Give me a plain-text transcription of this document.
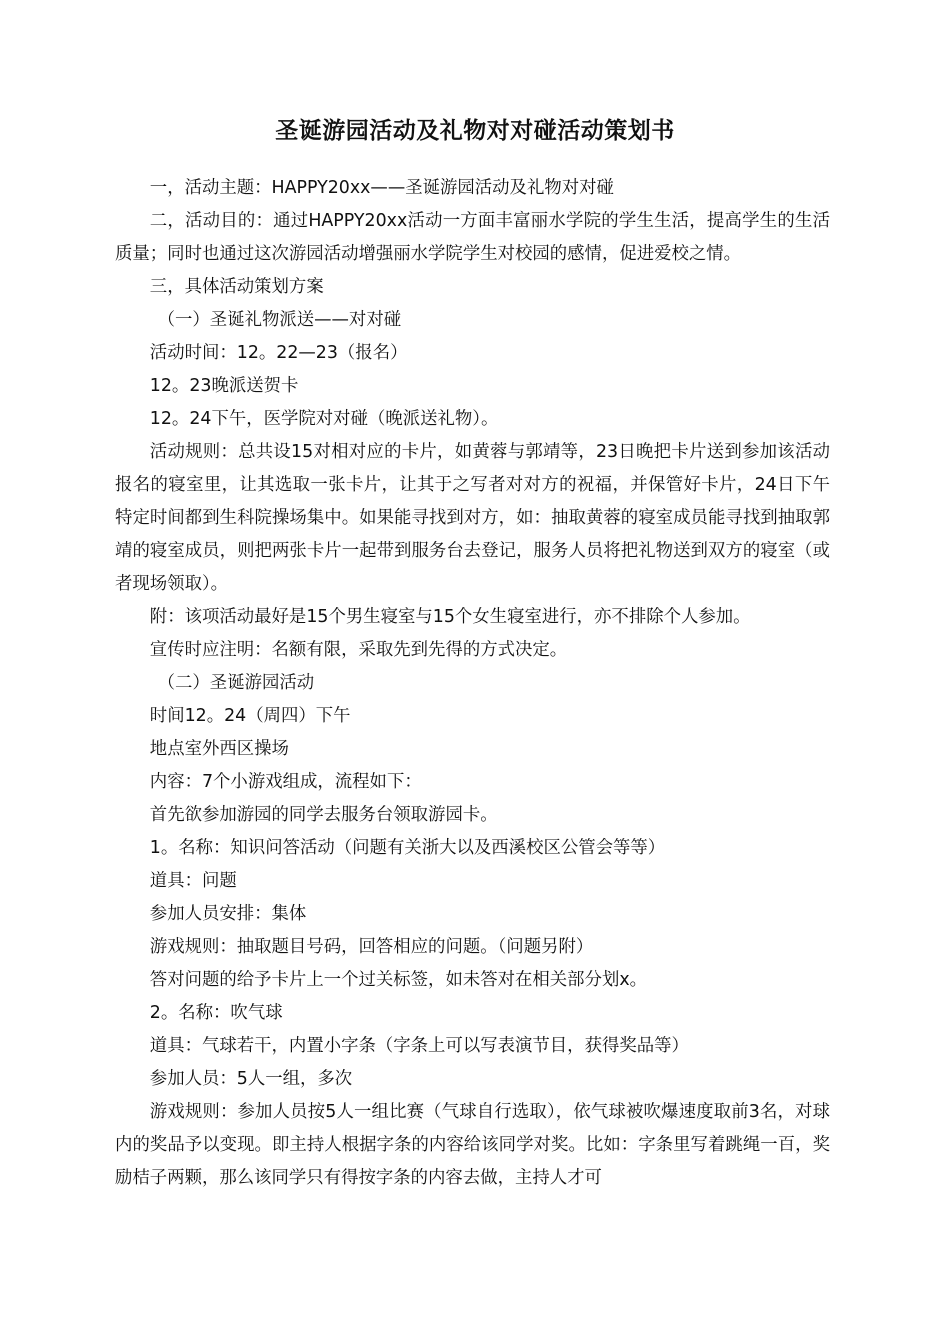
圣诞游园活动及礼物对对碰活动策划书

一，活动主题：HAPPY20xx——圣诞游园活动及礼物对对碰

二，活动目的：通过HAPPY20xx活动一方面丰富丽水学院的学生生活，提高学生的生活质量；同时也通过这次游园活动增强丽水学院学生对校园的感情，促进爱校之情。

三，具体活动策划方案

（一）圣诞礼物派送——对对碰

活动时间：12。22—23（报名）

12。23晚派送贺卡

12。24下午，医学院对对碰（晚派送礼物）。

活动规则：总共设15对相对应的卡片，如黄蓉与郭靖等，23日晚把卡片送到参加该活动报名的寝室里，让其选取一张卡片，让其于之写者对对方的祝福，并保管好卡片，24日下午特定时间都到生科院操场集中。如果能寻找到对方，如：抽取黄蓉的寝室成员能寻找到抽取郭靖的寝室成员，则把两张卡片一起带到服务台去登记，服务人员将把礼物送到双方的寝室（或者现场领取）。

附：该项活动最好是15个男生寝室与15个女生寝室进行，亦不排除个人参加。

宣传时应注明：名额有限，采取先到先得的方式决定。

（二）圣诞游园活动

时间12。24（周四）下午

地点室外西区操场

内容：7个小游戏组成，流程如下：

首先欲参加游园的同学去服务台领取游园卡。

1。名称：知识问答活动（问题有关浙大以及西溪校区公管会等等）

道具：问题

参加人员安排：集体

游戏规则：抽取题目号码，回答相应的问题。（问题另附）

答对问题的给予卡片上一个过关标签，如未答对在相关部分划x。

2。名称：吹气球

道具：气球若干，内置小字条（字条上可以写表演节目，获得奖品等）

参加人员：5人一组，多次

游戏规则：参加人员按5人一组比赛（气球自行选取），依气球被吹爆速度取前3名，对球内的奖品予以变现。即主持人根据字条的内容给该同学对奖。比如：字条里写着跳绳一百，奖励桔子两颗，那么该同学只有得按字条的内容去做，主持人才可
